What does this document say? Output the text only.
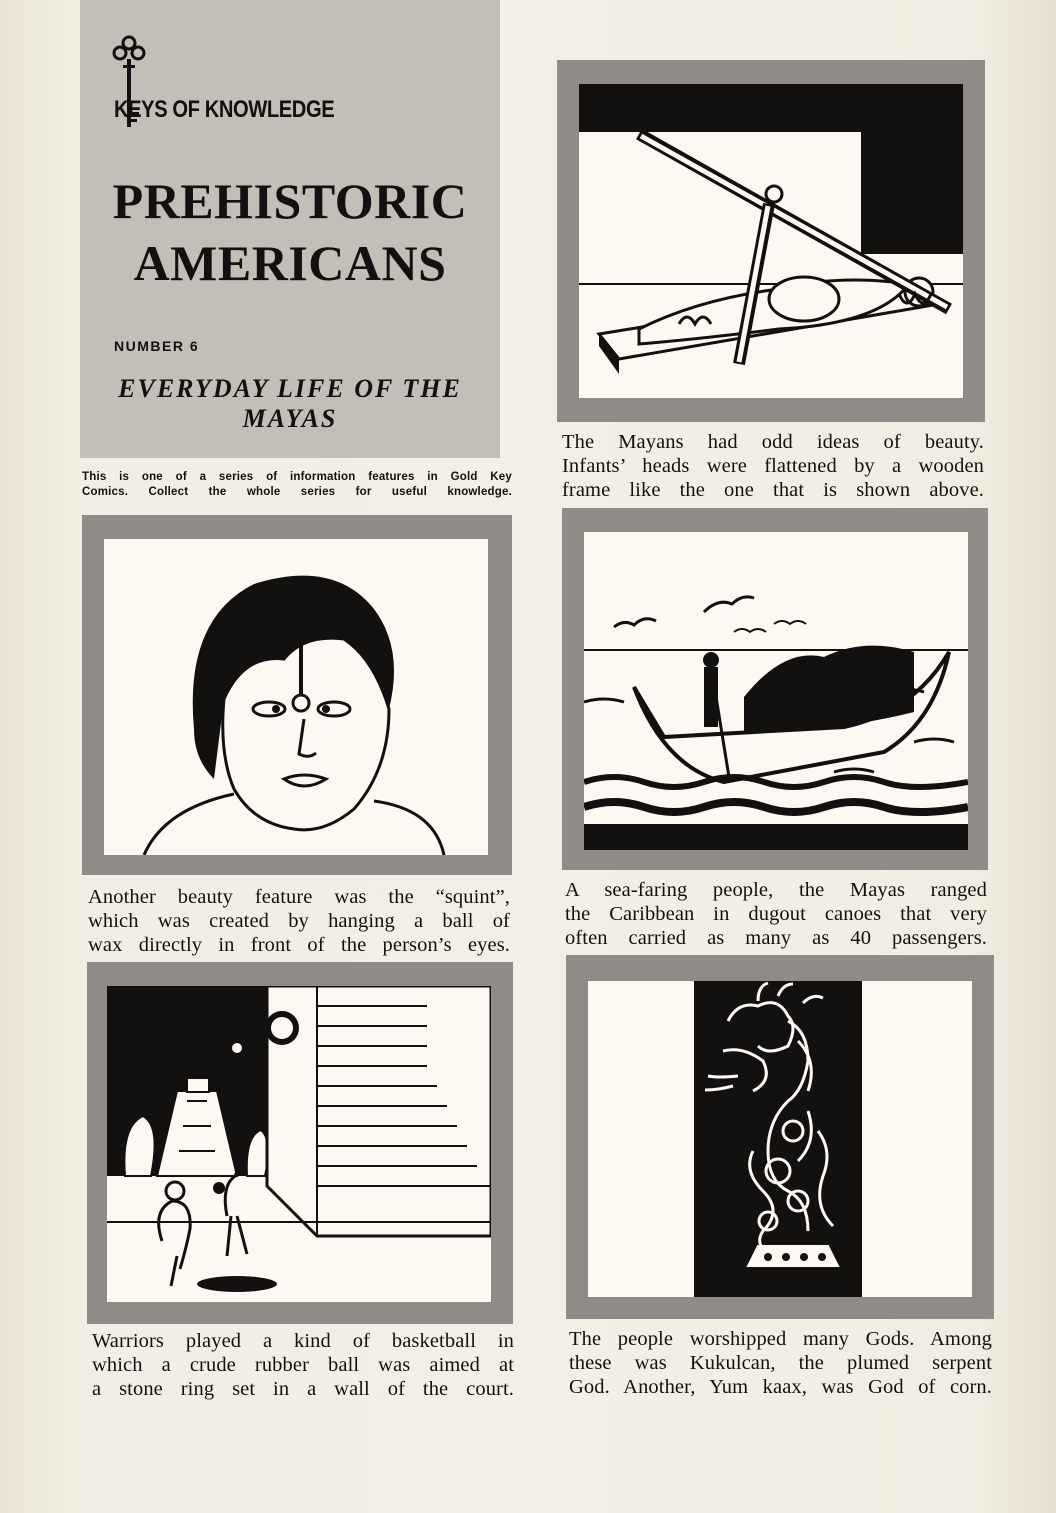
KEYS OF KNOWLEDGE
PREHISTORIC
AMERICANS
NUMBER 6
EVERYDAY LIFE OF THE
MAYAS
This is one of a series of information features in Gold Key
Comics. Collect the whole series for useful knowledge.
The Mayans had odd ideas of beauty.
Infants’ heads were flattened by a wooden
frame like the one that is shown above.
Another beauty feature was the “squint”,
which was created by hanging a ball of
wax directly in front of the person’s eyes.
A sea-faring people, the Mayas ranged
the Caribbean in dugout canoes that very
often carried as many as 40 passengers.
Warriors played a kind of basketball in
which a crude rubber ball was aimed at
a stone ring set in a wall of the court.
The people worshipped many Gods. Among
these was Kukulcan, the plumed serpent
God. Another, Yum kaax, was God of corn.
